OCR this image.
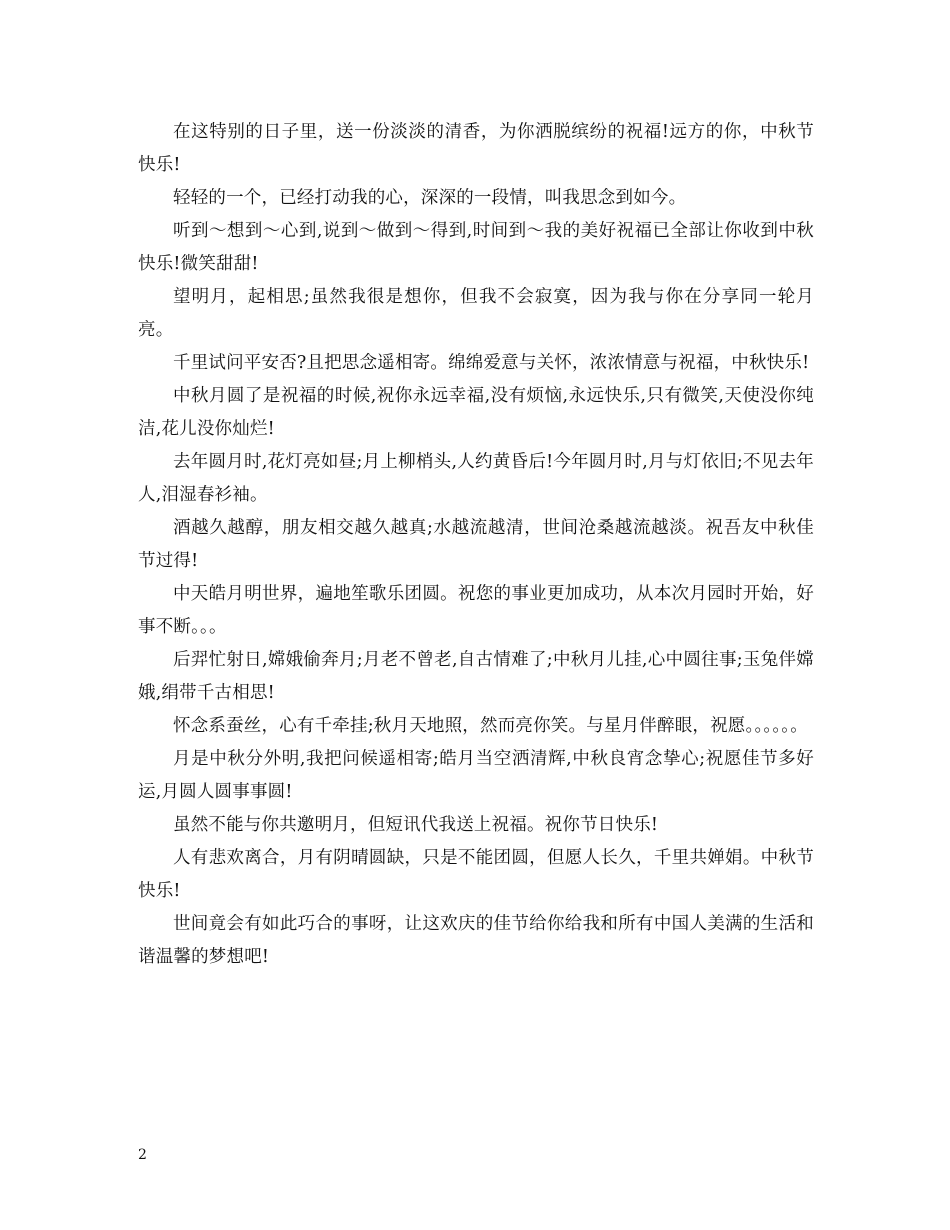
在这特别的日子里，送一份淡淡的清香，为你洒脱缤纷的祝福!远方的你，中秋节快乐!

轻轻的一个，已经打动我的心，深深的一段情，叫我思念到如今。

听到～想到～心到,说到～做到～得到,时间到～我的美好祝福已全部让你收到中秋快乐!微笑甜甜!

望明月，起相思;虽然我很是想你，但我不会寂寞，因为我与你在分享同一轮月亮。

千里试问平安否?且把思念遥相寄。绵绵爱意与关怀，浓浓情意与祝福，中秋快乐!

中秋月圆了是祝福的时候,祝你永远幸福,没有烦恼,永远快乐,只有微笑,天使没你纯洁,花儿没你灿烂!

去年圆月时,花灯亮如昼;月上柳梢头,人约黄昏后!今年圆月时,月与灯依旧;不见去年人,泪湿春衫袖。

酒越久越醇，朋友相交越久越真;水越流越清，世间沧桑越流越淡。祝吾友中秋佳节过得!

中天皓月明世界，遍地笙歌乐团圆。祝您的事业更加成功，从本次月园时开始，好事不断。。。

后羿忙射日,嫦娥偷奔月;月老不曾老,自古情难了;中秋月儿挂,心中圆往事;玉兔伴嫦娥,绢带千古相思!

怀念系蚕丝，心有千牵挂;秋月天地照，然而亮你笑。与星月伴醉眼，祝愿。。。。。。

月是中秋分外明,我把问候遥相寄;皓月当空洒清辉,中秋良宵念挚心;祝愿佳节多好运,月圆人圆事事圆!

虽然不能与你共邀明月，但短讯代我送上祝福。祝你节日快乐!

人有悲欢离合，月有阴晴圆缺，只是不能团圆，但愿人长久，千里共婵娟。中秋节快乐!

世间竟会有如此巧合的事呀，让这欢庆的佳节给你给我和所有中国人美满的生活和谐温馨的梦想吧!

2
